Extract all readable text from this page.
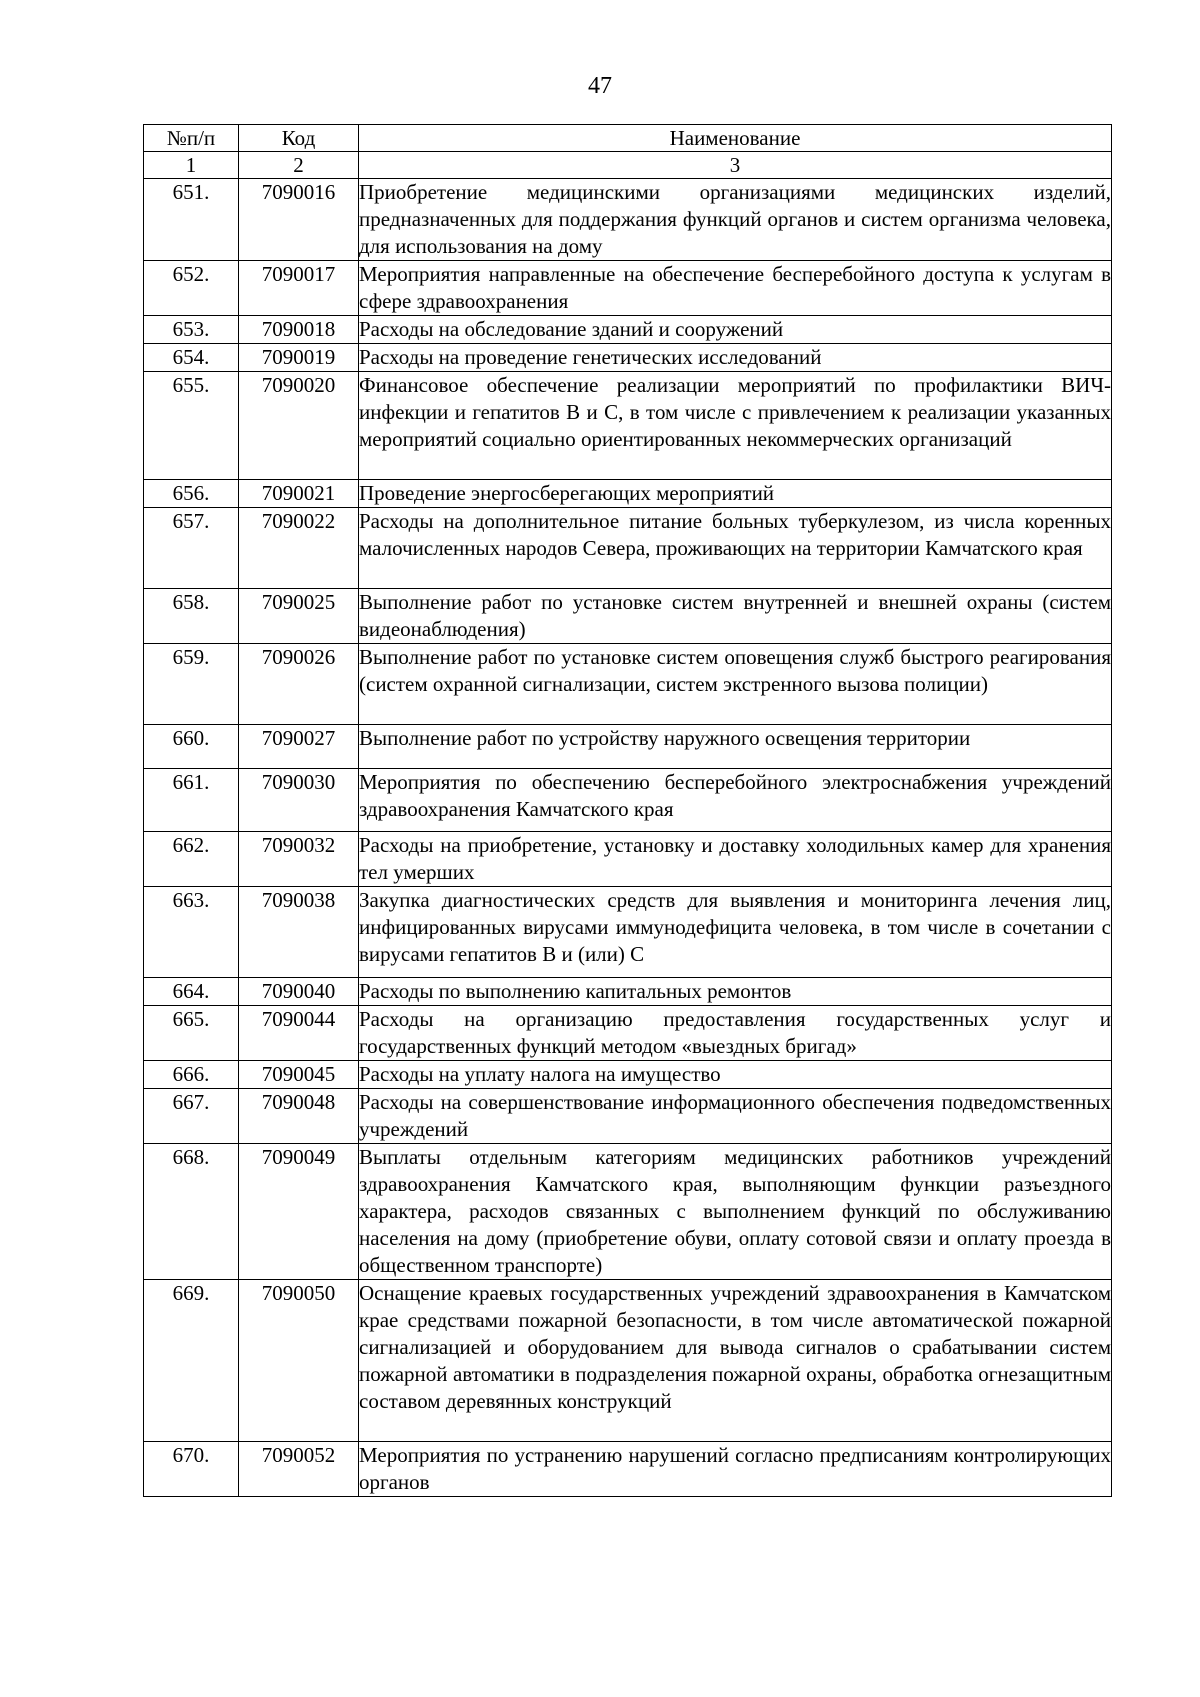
47
№п/п	Код	Наименование
1	2	3
651.	7090016	Приобретение медицинскими организациями медицинских изделий, предназначенных для поддержания функций органов и систем организма человека, для использования на дому
652.	7090017	Мероприятия направленные на обеспечение бесперебойного доступа к услугам в сфере здравоохранения
653.	7090018	Расходы на обследование зданий и сооружений
654.	7090019	Расходы на проведение генетических исследований
655.	7090020	Финансовое обеспечение реализации мероприятий по профилактики ВИЧ-инфекции и гепатитов В и С, в том числе с привлечением к реализации указанных мероприятий социально ориентированных некоммерческих организаций
656.	7090021	Проведение энергосберегающих мероприятий
657.	7090022	Расходы на дополнительное питание больных туберкулезом, из числа коренных малочисленных народов Севера, проживающих на территории Камчатского края
658.	7090025	Выполнение работ по установке систем внутренней и внешней охраны (систем видеонаблюдения)
659.	7090026	Выполнение работ по установке систем оповещения служб быстрого реагирования (систем охранной сигнализации, систем экстренного вызова полиции)
660.	7090027	Выполнение работ по устройству наружного освещения территории
661.	7090030	Мероприятия по обеспечению бесперебойного электроснабжения учреждений здравоохранения Камчатского края
662.	7090032	Расходы на приобретение, установку и доставку холодильных камер для хранения тел умерших
663.	7090038	Закупка диагностических средств для выявления и мониторинга лечения лиц, инфицированных вирусами иммунодефицита человека, в том числе в сочетании с вирусами гепатитов В и (или) С
664.	7090040	Расходы по выполнению капитальных ремонтов
665.	7090044	Расходы на организацию предоставления государственных услуг и государственных функций методом «выездных бригад»
666.	7090045	Расходы на уплату налога на имущество
667.	7090048	Расходы на совершенствование информационного обеспечения подведомственных учреждений
668.	7090049	Выплаты отдельным категориям медицинских работников учреждений здравоохранения Камчатского края, выполняющим функции разъездного характера, расходов связанных с выполнением функций по обслуживанию населения на дому (приобретение обуви, оплату сотовой связи и оплату проезда в общественном транспорте)
669.	7090050	Оснащение краевых государственных учреждений здравоохранения в Камчатском крае средствами пожарной безопасности, в том числе автоматической пожарной сигнализацией и оборудованием для вывода сигналов о срабатывании систем пожарной автоматики в подразделения пожарной охраны, обработка огнезащитным составом деревянных конструкций
670.	7090052	Мероприятия по устранению нарушений согласно предписаниям контролирующих органов
